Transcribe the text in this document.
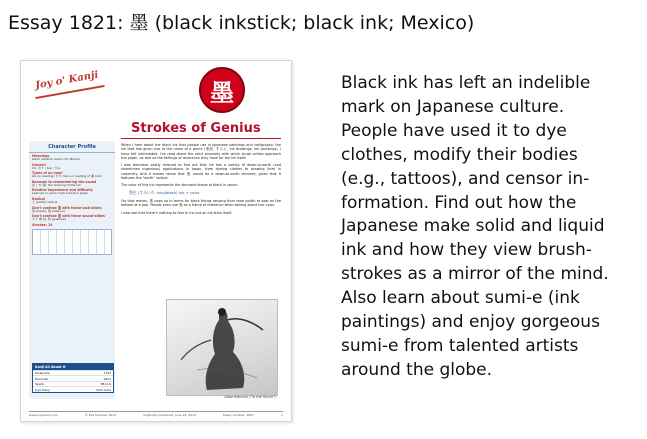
Essay 1821: 墨 (black inkstick; black ink; Mexico)
Joy o' Kanji	墨
Strokes of Genius
Character Profile
Meanings
black inkstick; black ink; Mexico
Onyomi
Ch, ボク / Kun: すみ
Types of on-yomi
Go-on reading: ボク; Kan-on reading of 墨 (ink)
Bonuses to remembering the sound
ぼく to 墨, the hooking of the ink
Relative importance and difficulty
Learned in junior high school in Japan
Radical
土 (earth) radical
Don't confuse 墨 with these look-alikes
黒 (black), 黙 (silence)
Don't confuse 墨 with these sound-alikes
ボク 僕 (I), 牧 (pasture)
Strokes: 14
Kanji All About It
Kodansha	1793
Henshall	1821
Spahn	3B11.9
Joyo Kanji	Click here

When I hear about the black ink that people use in Japanese paintings and calligraphy, the ink that has given rise to the name of a genre (墨絵, すみえ, ink drawings; ink paintings), I have felt intimidated. I've read about the strict propriety with which brush artists approach the paper, as well as the feelings of reverence they have for the ink itself.

I was therefore vastly relieved to find out that ink has a variety of down-to-earth (and sometimes ingenious) applications in Japan, from dyeing clothes to drawing lines in carpentry. And it makes sense that 墨 would be a down-to-earth element, given that it features the "earth" radical.

The color of this ink represents the standard shade of black in Japan:

墨色 (すみいろ: inky/black) ink + color

For that reason, 墨 pops up in terms for black things ranging from shoe polish to soot on the bottom of a pan. People even use 墨 as a frame of reference when talking about hair color.

I now see that there's nothing to fear in ink but an ink stain itself.

Dake Ikemoto ("In the Storm")
www.joyokanji.com	© Eve Kushner 2013	Originally published: June 24, 2013	Essay number: 1821	1
Black ink has left an indelible
mark on Japanese culture.
People have used it to dye
clothes, modify their bodies
(e.g., tattoos), and censor in-
formation. Find out how the
Japanese make solid and liquid
ink and how they view brush-
strokes as a mirror of the mind.
Also learn about sumi-e (ink
paintings) and enjoy gorgeous
sumi-e from talented artists
around the globe.
